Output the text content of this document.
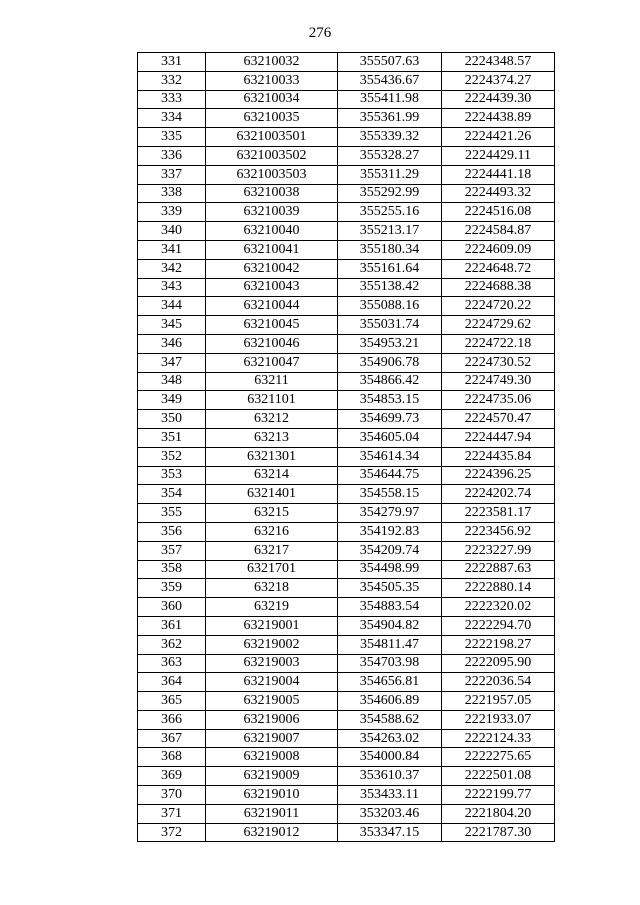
276
331	63210032	355507.63	2224348.57
332	63210033	355436.67	2224374.27
333	63210034	355411.98	2224439.30
334	63210035	355361.99	2224438.89
335	6321003501	355339.32	2224421.26
336	6321003502	355328.27	2224429.11
337	6321003503	355311.29	2224441.18
338	63210038	355292.99	2224493.32
339	63210039	355255.16	2224516.08
340	63210040	355213.17	2224584.87
341	63210041	355180.34	2224609.09
342	63210042	355161.64	2224648.72
343	63210043	355138.42	2224688.38
344	63210044	355088.16	2224720.22
345	63210045	355031.74	2224729.62
346	63210046	354953.21	2224722.18
347	63210047	354906.78	2224730.52
348	63211	354866.42	2224749.30
349	6321101	354853.15	2224735.06
350	63212	354699.73	2224570.47
351	63213	354605.04	2224447.94
352	6321301	354614.34	2224435.84
353	63214	354644.75	2224396.25
354	6321401	354558.15	2224202.74
355	63215	354279.97	2223581.17
356	63216	354192.83	2223456.92
357	63217	354209.74	2223227.99
358	6321701	354498.99	2222887.63
359	63218	354505.35	2222880.14
360	63219	354883.54	2222320.02
361	63219001	354904.82	2222294.70
362	63219002	354811.47	2222198.27
363	63219003	354703.98	2222095.90
364	63219004	354656.81	2222036.54
365	63219005	354606.89	2221957.05
366	63219006	354588.62	2221933.07
367	63219007	354263.02	2222124.33
368	63219008	354000.84	2222275.65
369	63219009	353610.37	2222501.08
370	63219010	353433.11	2222199.77
371	63219011	353203.46	2221804.20
372	63219012	353347.15	2221787.30
